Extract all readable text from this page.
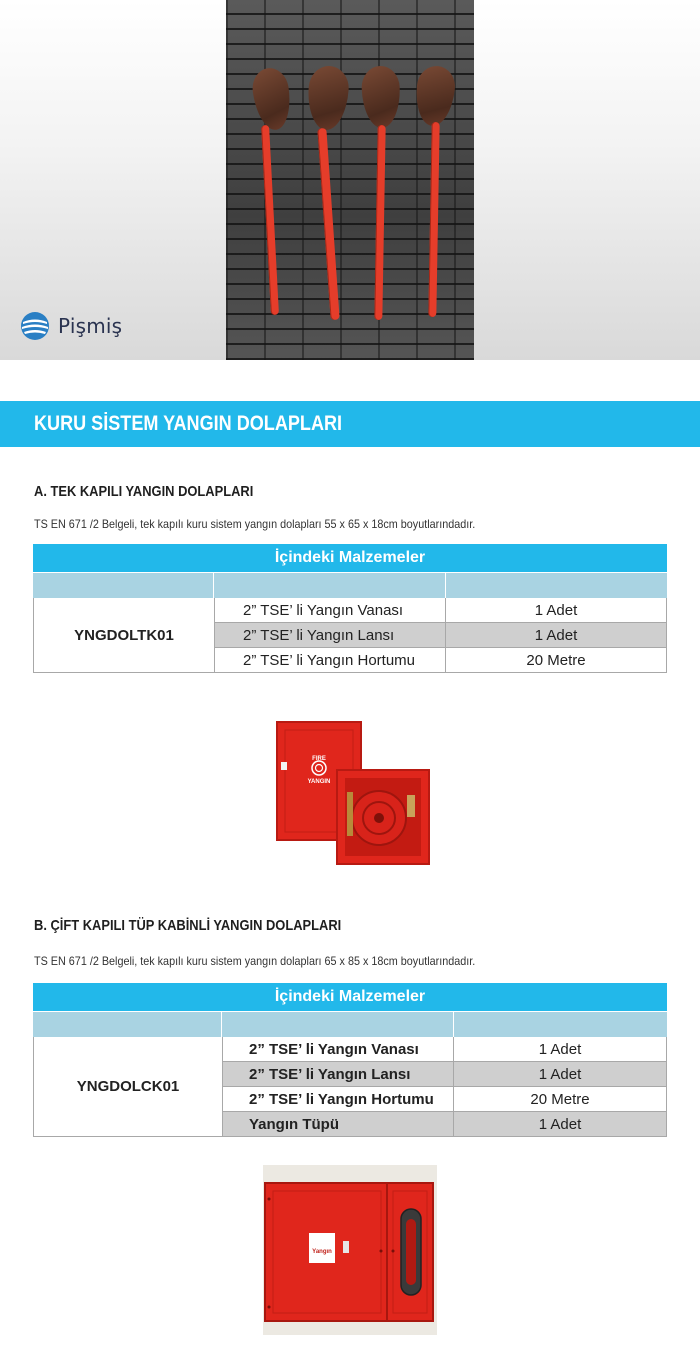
Pişmiş
KURU SİSTEM YANGIN DOLAPLARI
A. TEK KAPILI YANGIN DOLAPLARI
TS EN 671 /2 Belgeli, tek kapılı kuru sistem yangın dolapları 55 x 65 x 18cm boyutlarındadır.
İçindeki Malzemeler
YNGDOLTK01
2” TSE’ li Yangın Vanası	1 Adet
2” TSE’ li Yangın Lansı	1 Adet
2” TSE’ li Yangın Hortumu	20 Metre
FIRE
YANGIN
B. ÇİFT KAPILI TÜP KABİNLİ YANGIN DOLAPLARI
TS EN 671 /2 Belgeli, tek kapılı kuru sistem yangın dolapları 65 x 85 x 18cm boyutlarındadır.
İçindeki Malzemeler
YNGDOLCK01
2” TSE’ li Yangın Vanası	1 Adet
2” TSE’ li Yangın Lansı	1 Adet
2” TSE’ li Yangın Hortumu	20 Metre
Yangın Tüpü	1 Adet
Yangın
